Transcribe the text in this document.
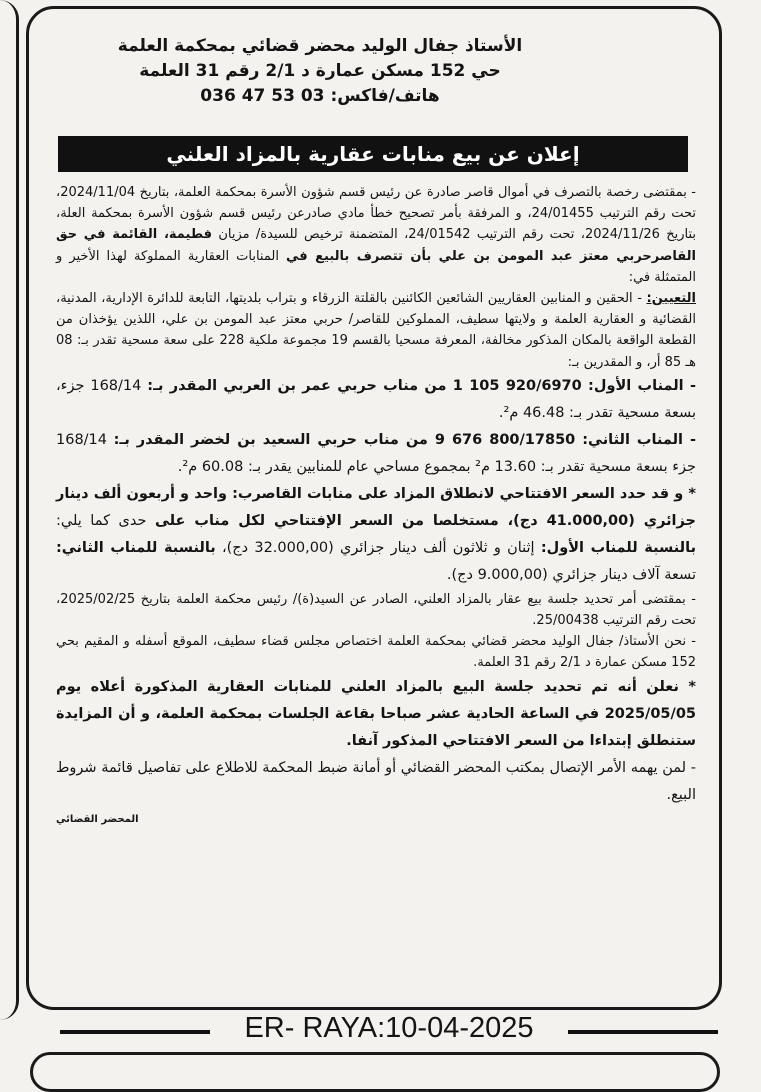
الأستاذ جفال الوليد محضر قضائي بمحكمة العلمة
حي 152 مسكن عمارة د 2/1 رقم 31 العلمة
هاتف/فاكس: 036 47 53 03
إعلان عن بيع منابات عقارية بالمزاد العلني

- بمقتضى رخصة بالتصرف في أموال قاصر صادرة عن رئيس قسم شؤون الأسرة بمحكمة العلمة، بتاريخ 2024/11/04، تحت رقم الترتيب 24/01455، و المرفقة بأمر تصحيح خطأ مادي صادرعن رئيس قسم شؤون الأسرة بمحكمة العلة، بتاريخ 2024/11/26، تحت رقم الترتيب 24/01542، المتضمنة ترخيص للسيدة/ مزيان فطيمة، القائمة في حق القاصرحربي معتز عبد المومن بن علي بأن تتصرف بالبيع في المنابات العقارية المملوكة لهذا الأخير و المتمثلة في:

التعيين: - الحقين و المنابين العقاريين الشائعين الكائنين بالقلتة الزرقاء و بتراب بلديتها، التابعة للدائرة الإدارية، المدنية، القضائية و العقارية العلمة و ولايتها سطيف، المملوكين للقاصر/ حربي معتز عبد المومن بن علي، اللذين يؤخذان من القطعة الواقعة بالمكان المذكور مخالفة، المعرفة مسحيا بالقسم 19 مجموعة ملكية 228 على سعة مسحية تقدر بـ: 08 هـ 85 أر، و المقدرين بـ:

- المناب الأول: 920/6970 105 1 من مناب حربي عمر بن العربي المقدر بـ: 168/14 جزء، بسعة مسحية تقدر بـ: 46.48 م².

- المناب الثاني: 800/17850 676 9 من مناب حربي السعيد بن لخضر المقدر بـ: 168/14 جزء بسعة مسحية تقدر بـ: 13.60 م² بمجموع مساحي عام للمنابين يقدر بـ: 60.08 م².

* و قد حدد السعر الافتتاحي لانطلاق المزاد على منابات القاصرب: واحد و أربعون ألف دينار جزائري (41.000,00 دج)، مستخلصا من السعر الإفتتاحي لكل مناب على حدى كما يلي: بالنسبة للمناب الأول: إثنان و ثلاثون ألف دينار جزائري (32.000,00 دج)، بالنسبة للمناب الثاني: تسعة آلاف دينار جزائري (9.000,00 دج).

- بمقتضى أمر تحديد جلسة بيع عقار بالمزاد العلني، الصادر عن السيد(ة)/ رئيس محكمة العلمة بتاريخ 2025/02/25، تحت رقم الترتيب 25/00438.

- نحن الأستاذ/ جفال الوليد محضر قضائي بمحكمة العلمة اختصاص مجلس قضاء سطيف، الموقع أسفله و المقيم بحي 152 مسكن عمارة د 2/1 رقم 31 العلمة.

* نعلن أنه تم تحديد جلسة البيع بالمزاد العلني للمنابات العقارية المذكورة أعلاه يوم 2025/05/05 في الساعة الحادية عشر صباحا بقاعة الجلسات بمحكمة العلمة، و أن المزايدة ستنطلق إبتداءا من السعر الافتتاحي المذكور آنفا.

- لمن يهمه الأمر الإتصال بمكتب المحضر القضائي أو أمانة ضبط المحكمة للاطلاع على تفاصيل قائمة شروط البيع.

المحضر القضائي
ER- RAYA:10-04-2025
